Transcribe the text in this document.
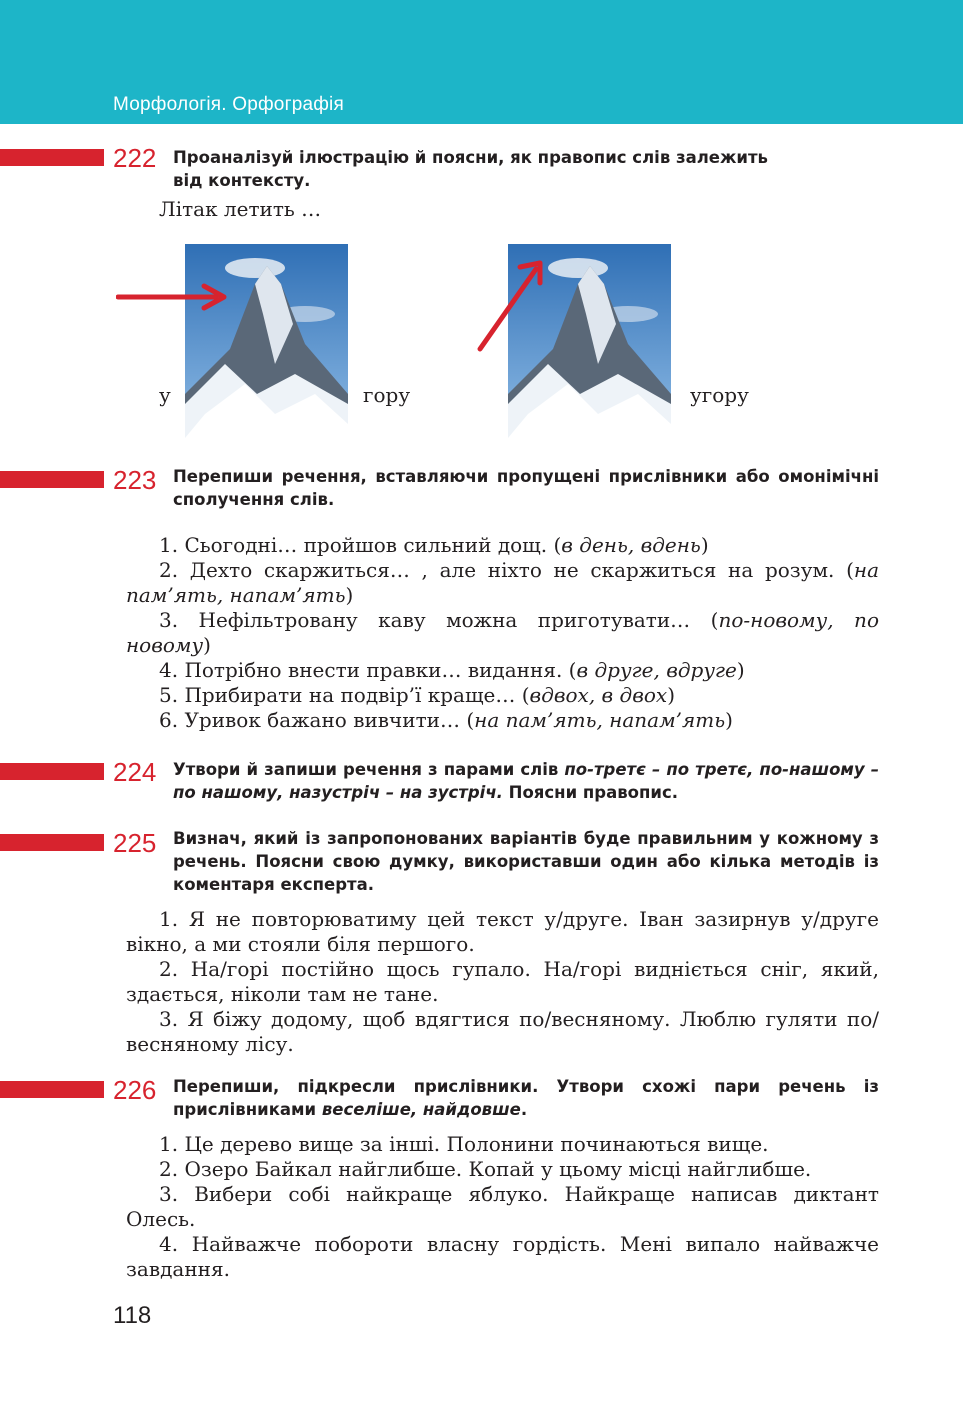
Морфологія. Орфографія
222 Проаналізуй ілюстрацію й поясни, як правопис слів залежить від контексту.
Літак летить …
у	гору	угору
223 Перепиши речення, вставляючи пропущені прислівники або омонімічні сполучення слів.

1. Сьогодні… пройшов сильний дощ. (в день, вдень)

2. Дехто скаржиться… , але ніхто не скаржиться на розум. (на пам’ять, напам’ять)

3. Нефільтровану каву можна приготувати… (по-новому, по новому)

4. Потрібно внести правки… видання. (в друге, вдруге)

5. Прибирати на подвір’ї краще… (вдвох, в двох)

6. Уривок бажано вивчити… (на пам’ять, напам’ять)

224 Утвори й запиши речення з парами слів по-третє – по третє, по-нашому – по нашому, назустріч – на зустріч. Поясни правопис.
225 Визнач, який із запропонованих варіантів буде правильним у кожному з речень. Поясни свою думку, використавши один або кілька методів із коментаря експерта.

1. Я не повторюватиму цей текст у/друге. Іван зазирнув у/друге вікно, а ми стояли біля першого.

2. На/горі постійно щось гупало. На/горі видніється сніг, який, здається, ніколи там не тане.

3. Я біжу додому, щоб вдягтися по/весняному. Люблю гуляти по/весняному лісу.

226 Перепиши, підкресли прислівники. Утвори схожі пари речень із прислівниками веселіше, найдовше.

1. Це дерево вище за інші. Полонини починаються вище.

2. Озеро Байкал найглибше. Копай у цьому місці найглибше.

3. Вибери собі найкраще яблуко. Найкраще написав диктант Олесь.

4. Найважче побороти власну гордість. Мені випало найважче завдання.

118
